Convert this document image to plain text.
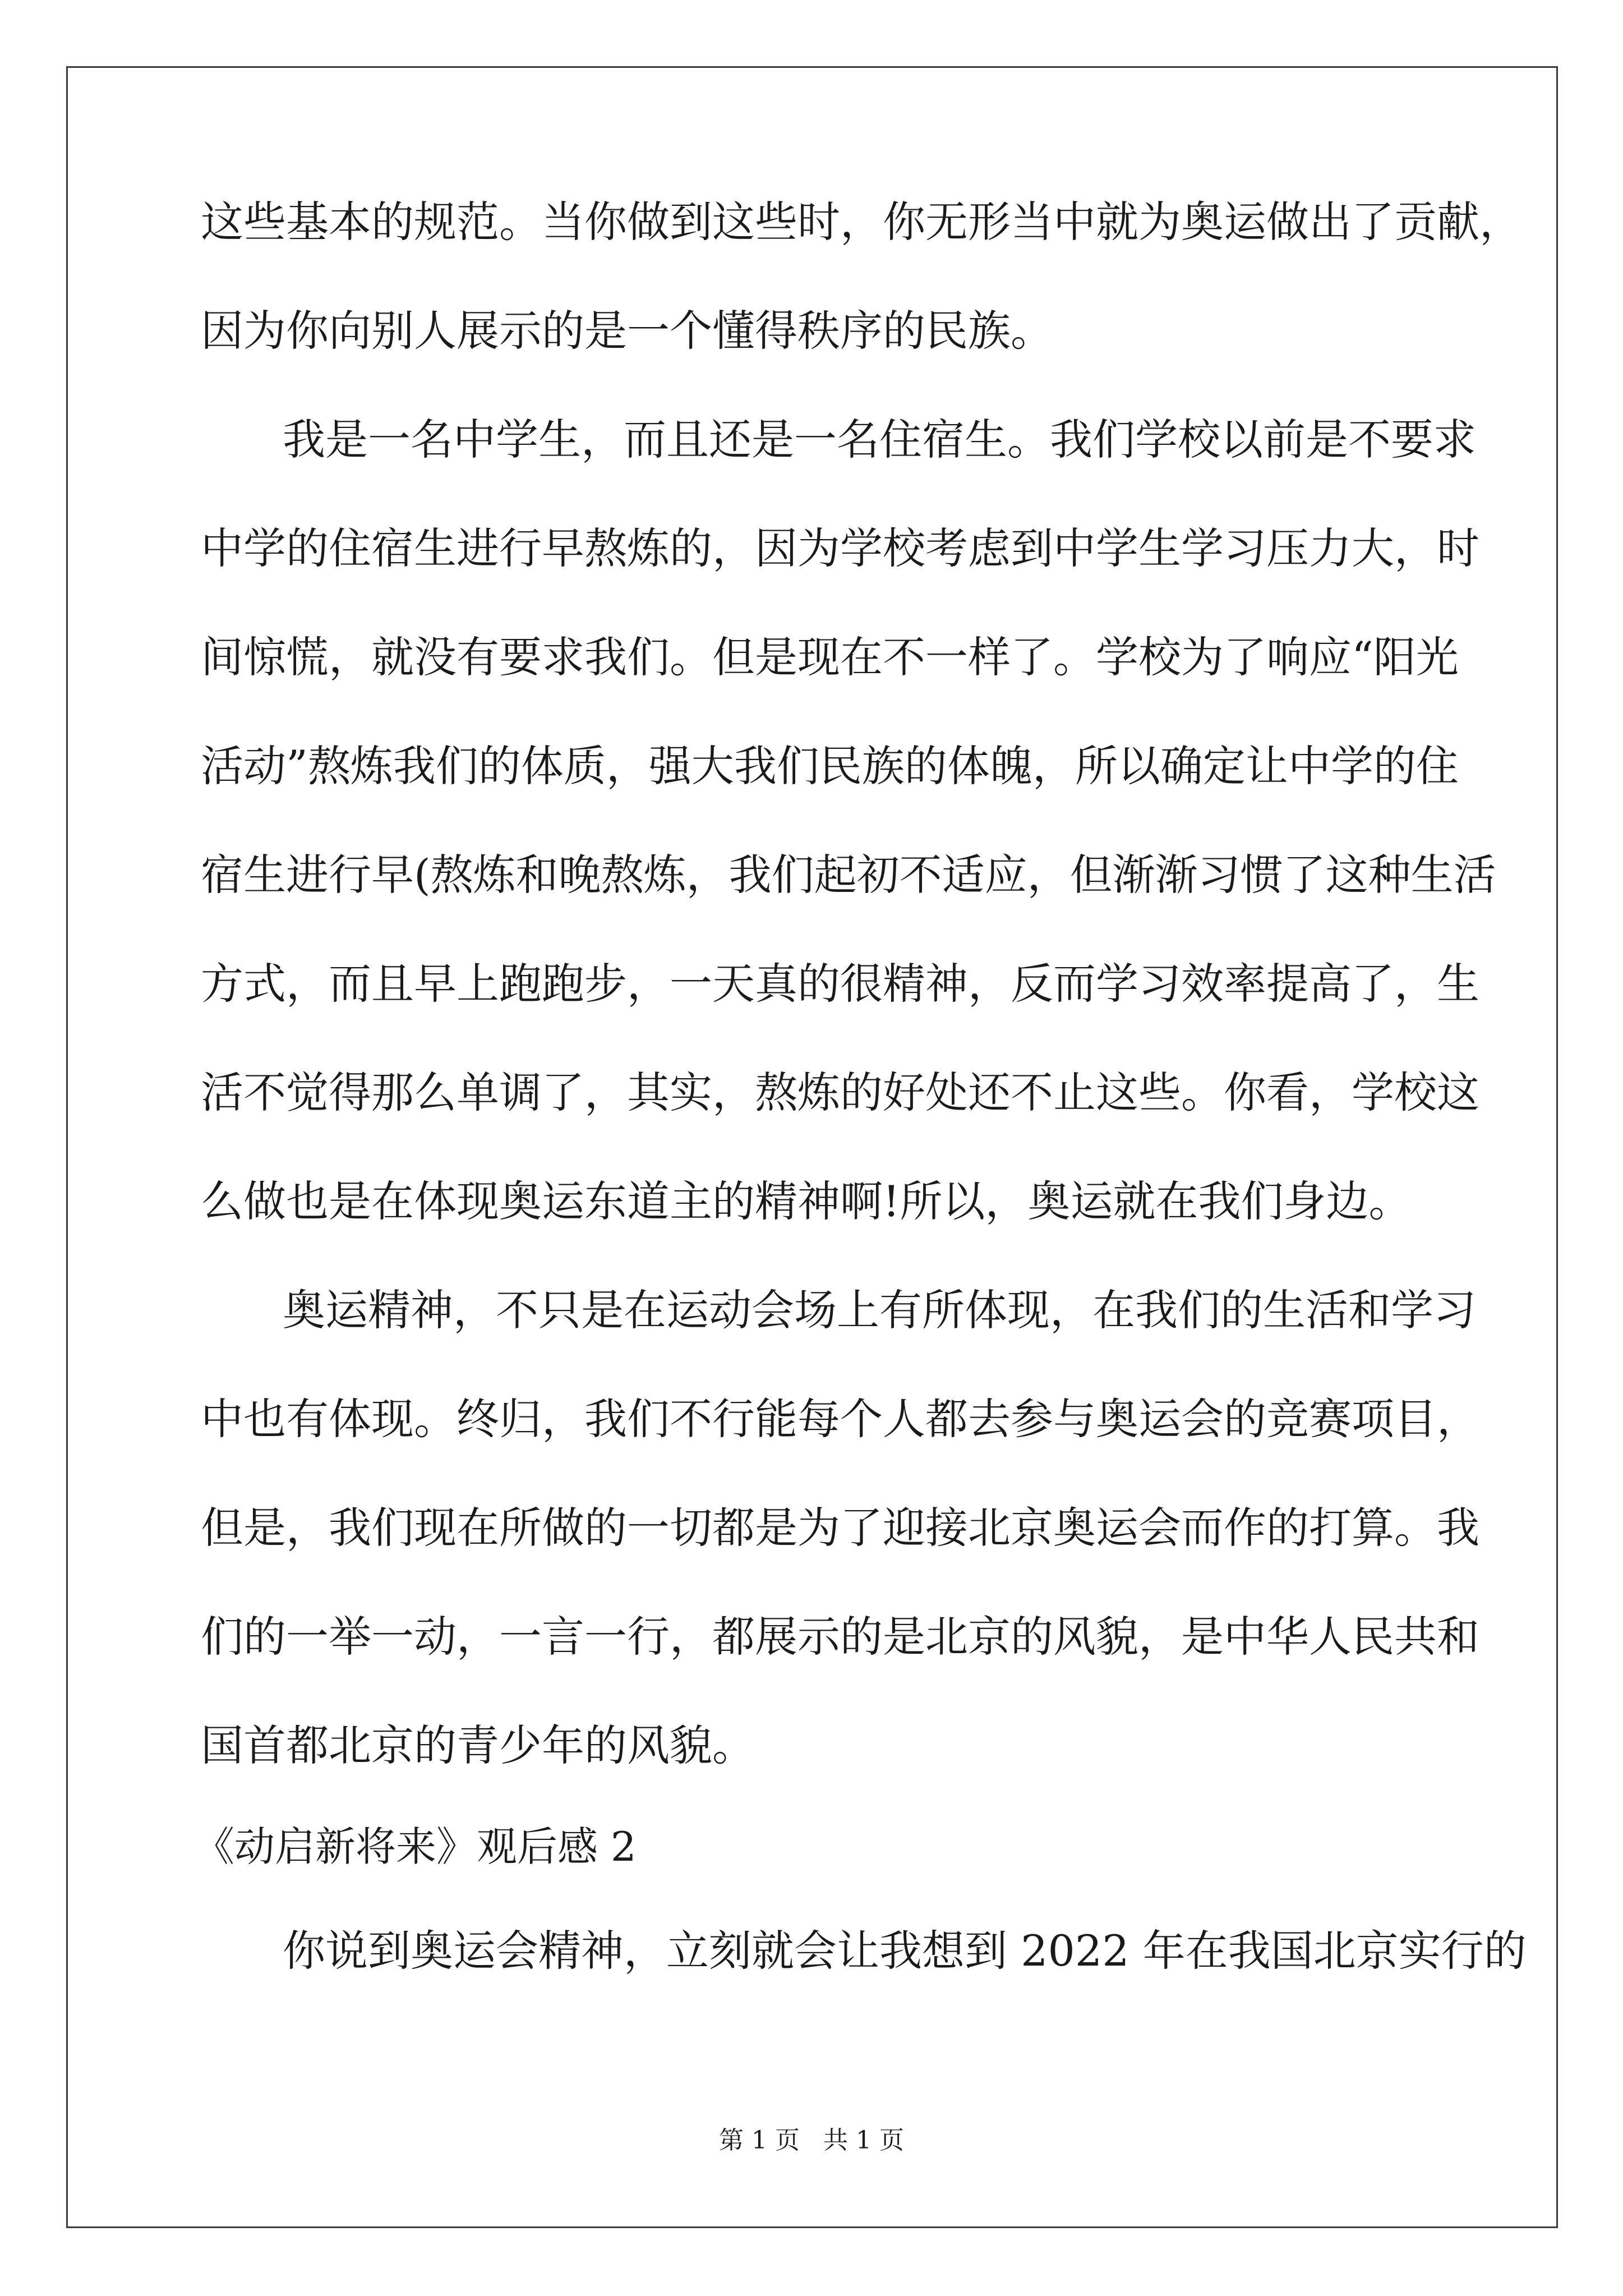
这些基本的规范。当你做到这些时，你无形当中就为奥运做出了贡献，
因为你向别人展示的是一个懂得秩序的民族。
我是一名中学生，而且还是一名住宿生。我们学校以前是不要求
中学的住宿生进行早熬炼的，因为学校考虑到中学生学习压力大，时
间惊慌，就没有要求我们。但是现在不一样了。学校为了响应“阳光
活动”熬炼我们的体质，强大我们民族的体魄，所以确定让中学的住
宿生进行早(熬炼和晚熬炼，我们起初不适应，但渐渐习惯了这种生活
方式，而且早上跑跑步，一天真的很精神，反而学习效率提高了，生
活不觉得那么单调了，其实，熬炼的好处还不止这些。你看，学校这
么做也是在体现奥运东道主的精神啊!所以，奥运就在我们身边。
奥运精神，不只是在运动会场上有所体现，在我们的生活和学习
中也有体现。终归，我们不行能每个人都去参与奥运会的竞赛项目，
但是，我们现在所做的一切都是为了迎接北京奥运会而作的打算。我
们的一举一动，一言一行，都展示的是北京的风貌，是中华人民共和
国首都北京的青少年的风貌。
《动启新将来》观后感 2
你说到奥运会精神，立刻就会让我想到 2022 年在我国北京实行的
第 1 页   共 1 页
